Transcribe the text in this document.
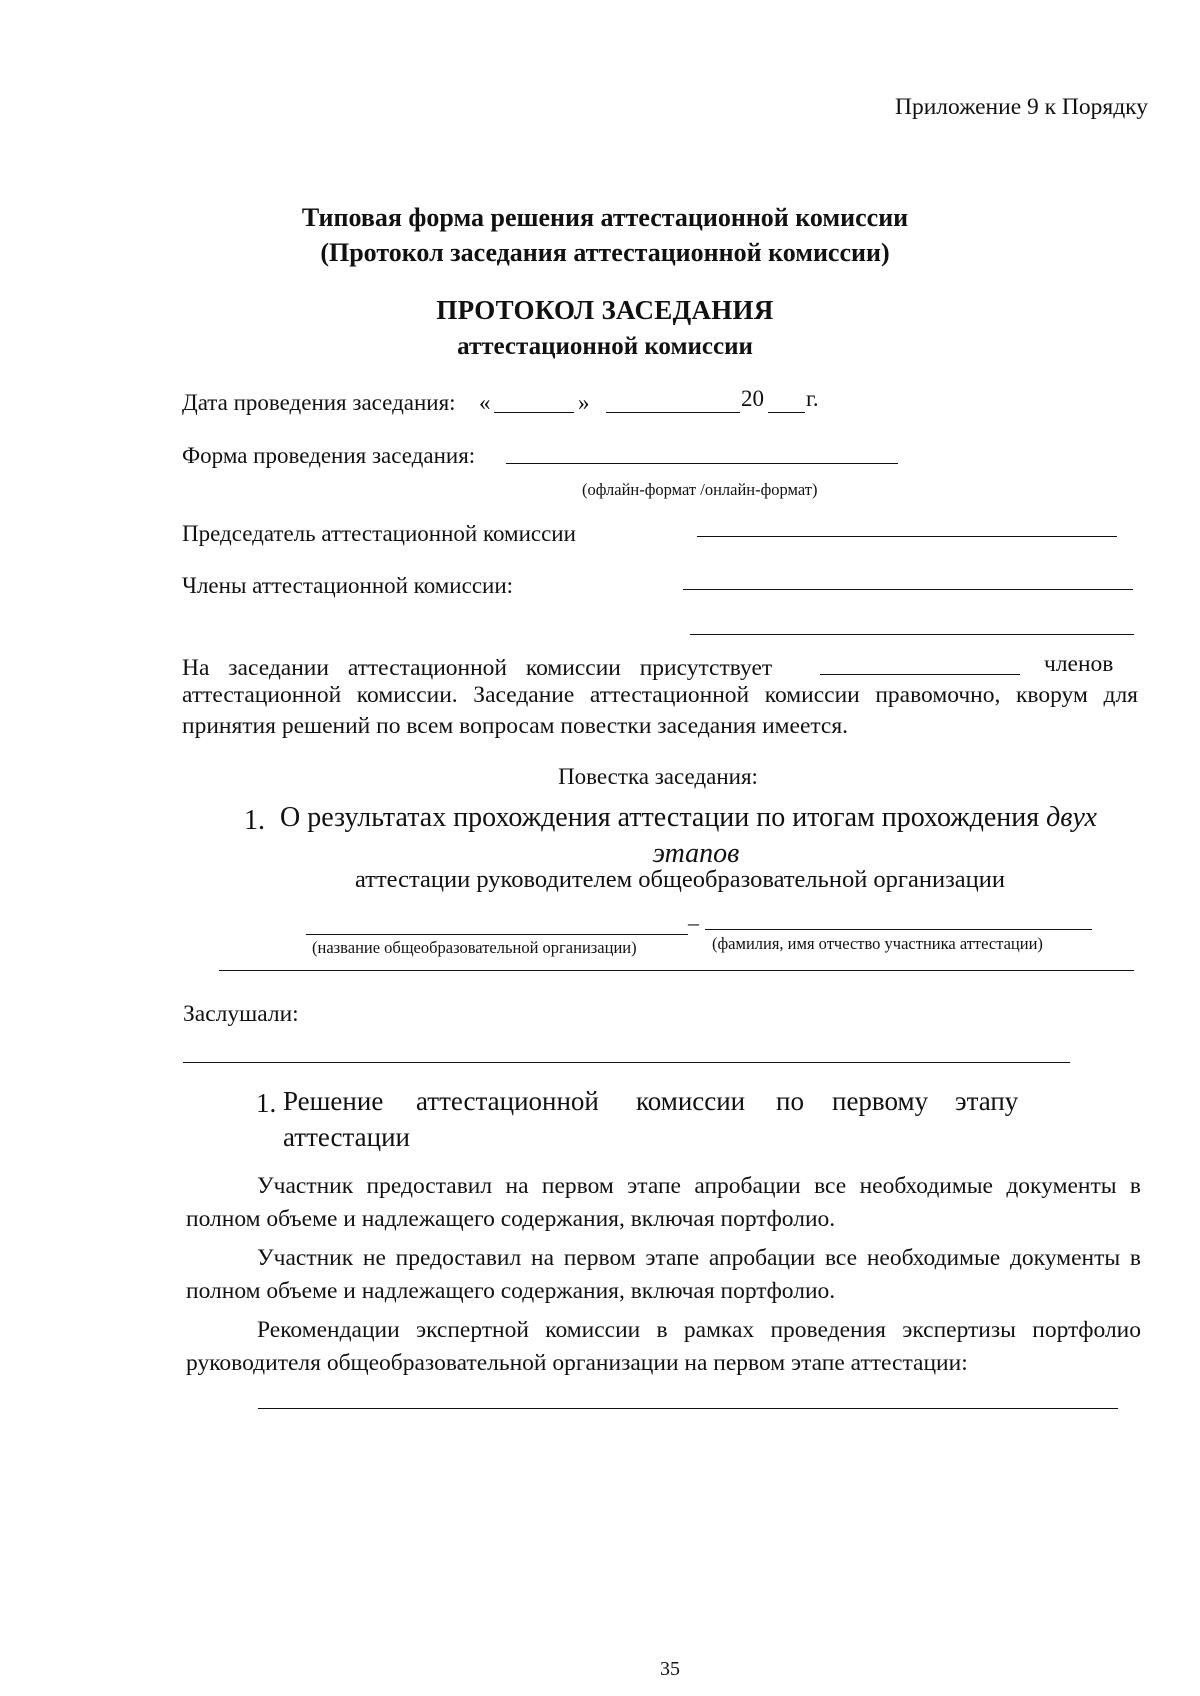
Приложение 9 к Порядку
Типовая форма решения аттестационной комиссии
(Протокол заседания аттестационной комиссии)
ПРОТОКОЛ ЗАСЕДАНИЯ
аттестационной комиссии
Дата проведения заседания: «	»	20 г.
Форма проведения заседания:
(офлайн-формат /онлайн-формат)
Председатель аттестационной комиссии
Члены аттестационной комиссии:
На заседании аттестационной комиссии присутствует	членов
аттестационной комиссии. Заседание аттестационной комиссии правомочно, кворум для принятия решений по всем вопросам повестки заседания имеется.
Повестка заседания:
1. О результатах прохождения аттестации по итогам прохождения двух
этапов
аттестации руководителем общеобразовательной организации
–
(название общеобразовательной организации)	(фамилия, имя отчество участника аттестации)
Заслушали:
1. Решение аттестационной комиссии по первому этапу
аттестации
Участник предоставил на первом этапе апробации все необходимые документы в полном объеме и надлежащего содержания, включая портфолио.
Участник не предоставил на первом этапе апробации все необходимые документы в полном объеме и надлежащего содержания, включая портфолио.
Рекомендации экспертной комиссии в рамках проведения экспертизы портфолио руководителя общеобразовательной организации на первом этапе аттестации:
35
